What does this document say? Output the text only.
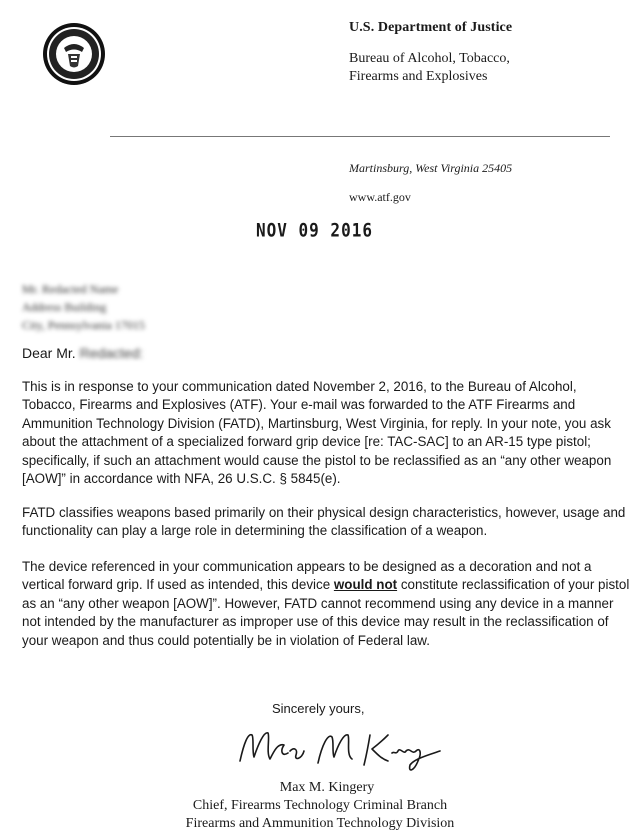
U.S. Department of Justice
Bureau of Alcohol, Tobacco,
Firearms and Explosives
Martinsburg, West Virginia 25405
www.atf.gov
NOV 09 2016
Mr. Redacted Name
Address Building
City, Pennsylvania 17015
Dear Mr. Redacted:

This is in response to your communication dated November 2, 2016, to the Bureau of Alcohol, Tobacco, Firearms and Explosives (ATF). Your e-mail was forwarded to the ATF Firearms and Ammunition Technology Division (FATD), Martinsburg, West Virginia, for reply. In your note, you ask about the attachment of a specialized forward grip device [re: TAC-SAC] to an AR-15 type pistol; specifically, if such an attachment would cause the pistol to be reclassified as an “any other weapon [AOW]” in accordance with NFA, 26 U.S.C. § 5845(e).

FATD classifies weapons based primarily on their physical design characteristics, however, usage and functionality can play a large role in determining the classification of a weapon.

The device referenced in your communication appears to be designed as a decoration and not a vertical forward grip. If used as intended, this device would not constitute reclassification of your pistol as an “any other weapon [AOW]”. However, FATD cannot recommend using any device in a manner not intended by the manufacturer as improper use of this device may result in the reclassification of your weapon and thus could potentially be in violation of Federal law.

Sincerely yours,
Max M. Kingery
Chief, Firearms Technology Criminal Branch
Firearms and Ammunition Technology Division
